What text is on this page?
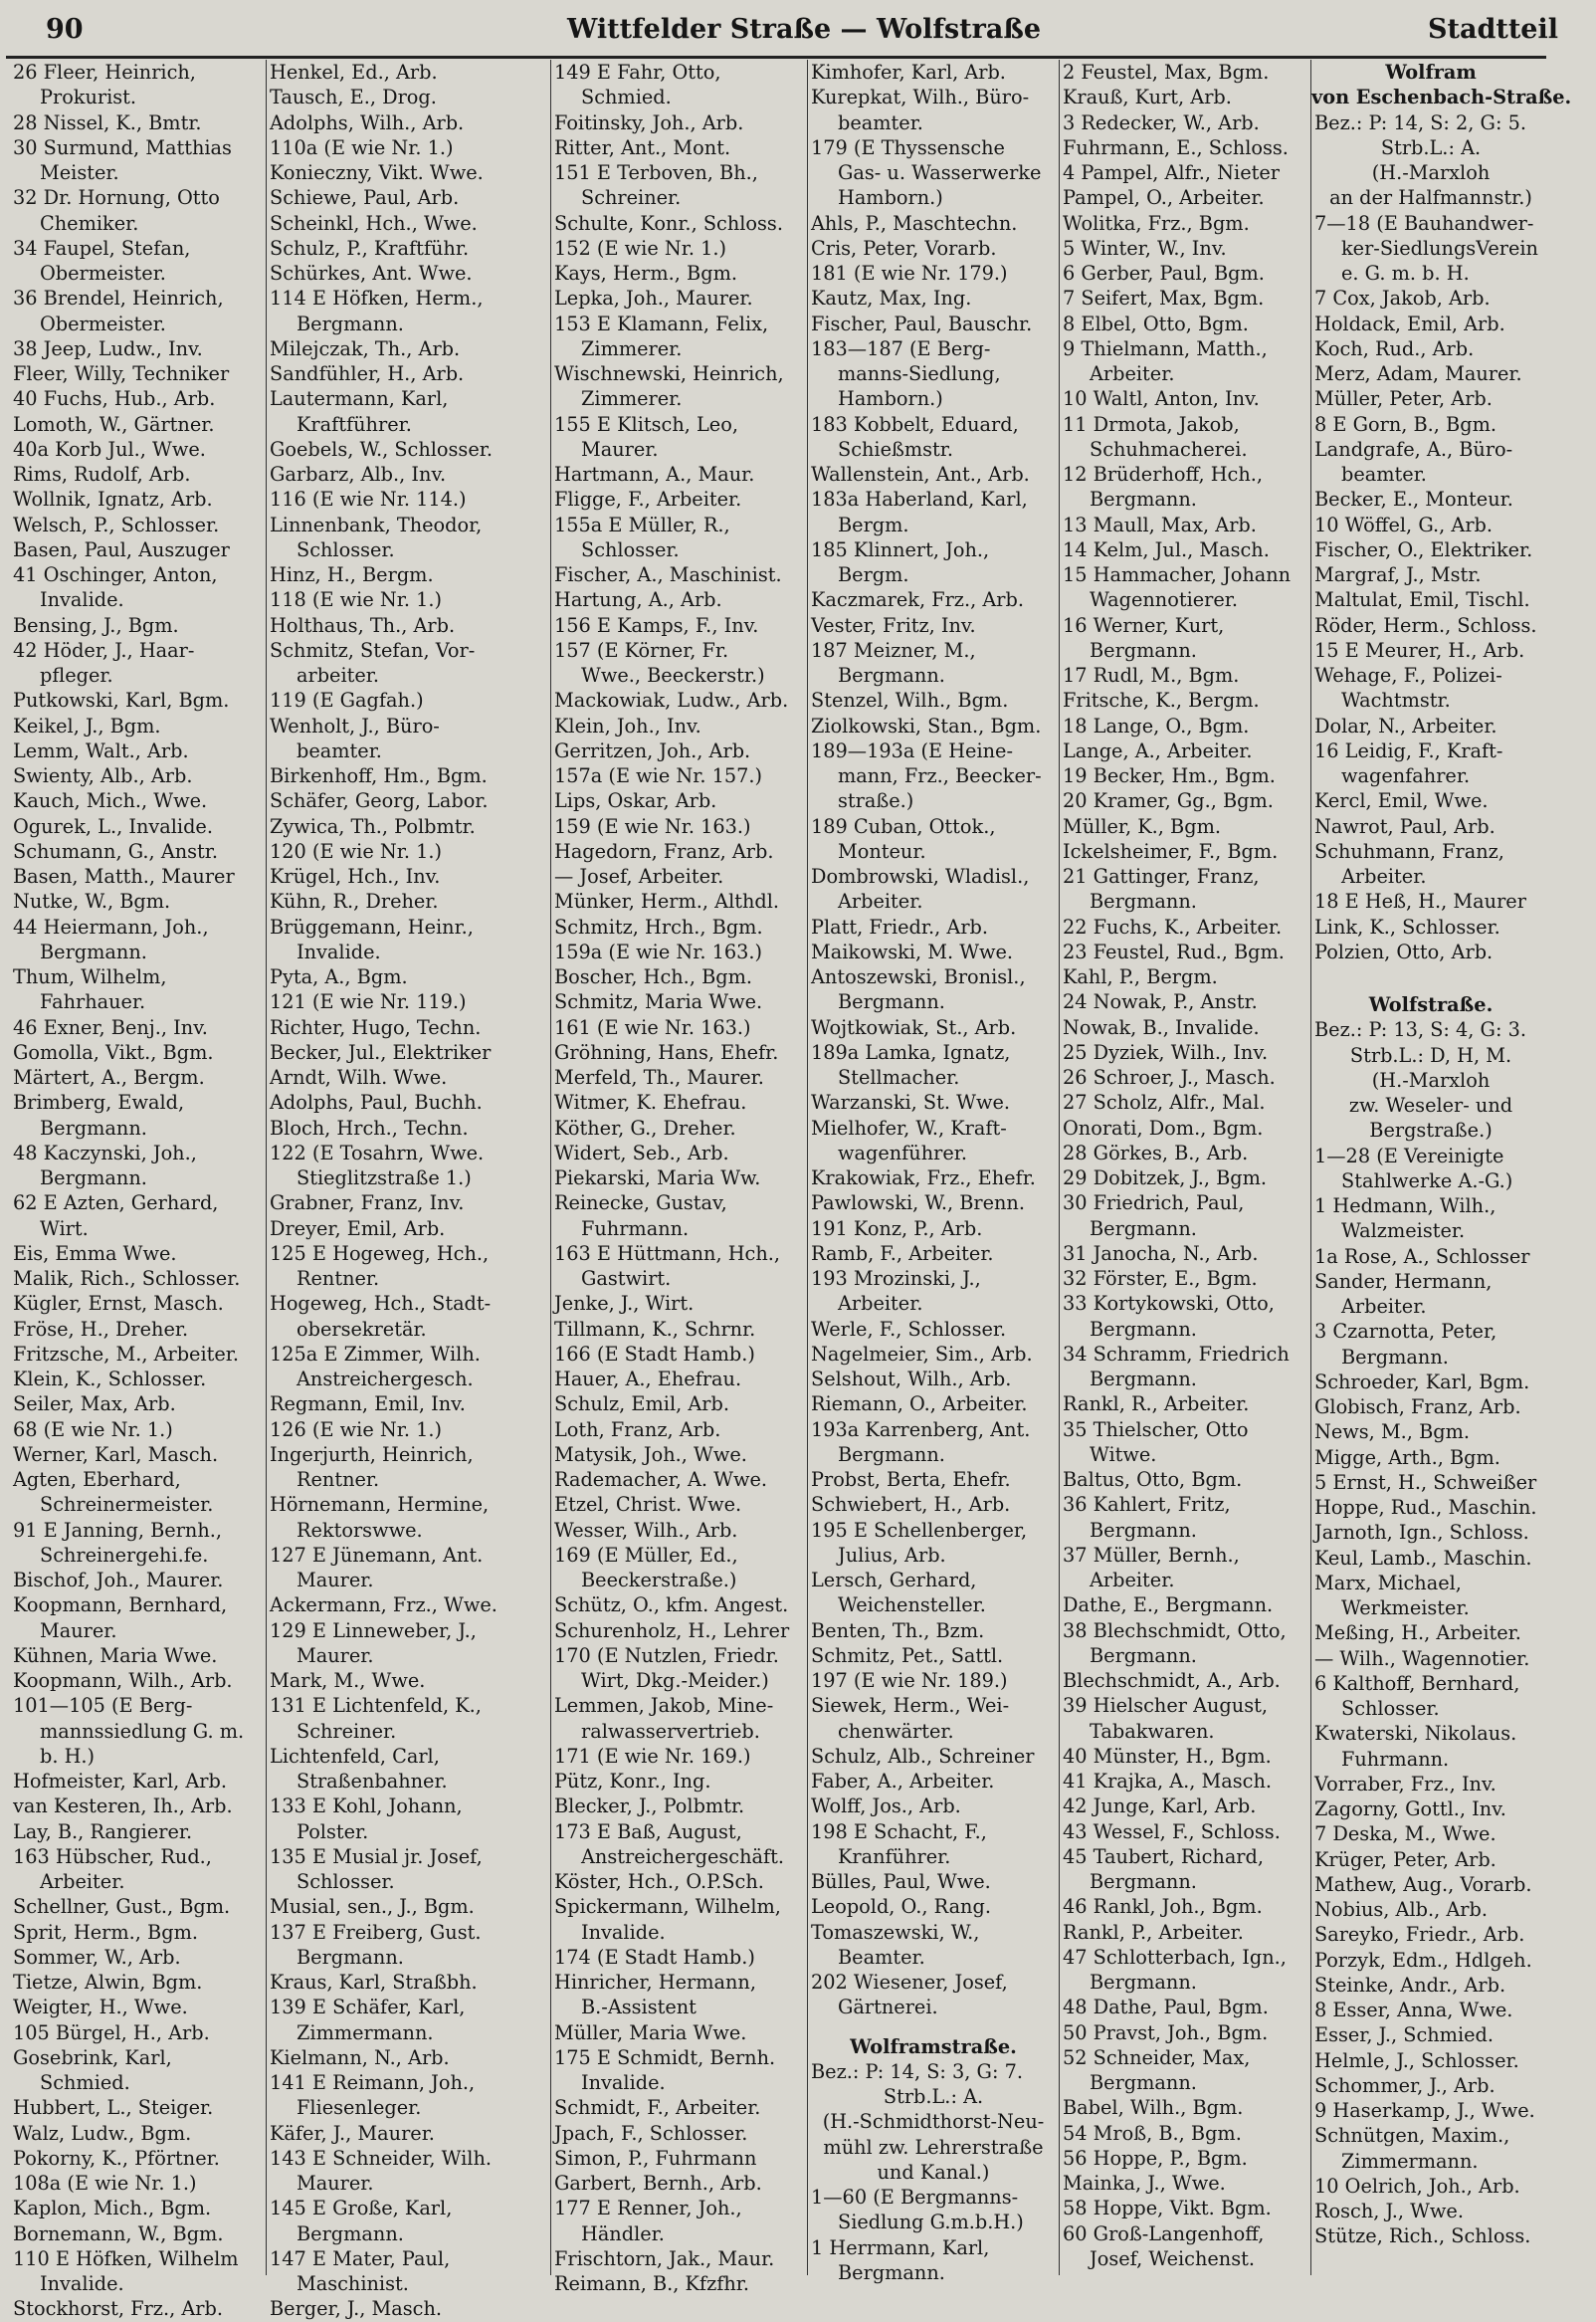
90	Wittfelder Straße — Wolfstraße	Stadtteil
26 Fleer, Heinrich,
Prokurist.
28 Nissel, K., Bmtr.
30 Surmund, Matthias
Meister.
32 Dr. Hornung, Otto
Chemiker.
34 Faupel, Stefan,
Obermeister.
36 Brendel, Heinrich,
Obermeister.
38 Jeep, Ludw., Inv.
Fleer, Willy, Techniker
40 Fuchs, Hub., Arb.
Lomoth, W., Gärtner.
40a Korb Jul., Wwe.
Rims, Rudolf, Arb.
Wollnik, Ignatz, Arb.
Welsch, P., Schlosser.
Basen, Paul, Auszuger
41 Oschinger, Anton,
Invalide.
Bensing, J., Bgm.
42 Höder, J., Haar-
pfleger.
Putkowski, Karl, Bgm.
Keikel, J., Bgm.
Lemm, Walt., Arb.
Swienty, Alb., Arb.
Kauch, Mich., Wwe.
Ogurek, L., Invalide.
Schumann, G., Anstr.
Basen, Matth., Maurer
Nutke, W., Bgm.
44 Heiermann, Joh.,
Bergmann.
Thum, Wilhelm,
Fahrhauer.
46 Exner, Benj., Inv.
Gomolla, Vikt., Bgm.
Märtert, A., Bergm.
Brimberg, Ewald,
Bergmann.
48 Kaczynski, Joh.,
Bergmann.
62 E Azten, Gerhard,
Wirt.
Eis, Emma Wwe.
Malik, Rich., Schlosser.
Kügler, Ernst, Masch.
Fröse, H., Dreher.
Fritzsche, M., Arbeiter.
Klein, K., Schlosser.
Seiler, Max, Arb.
68 (E wie Nr. 1.)
Werner, Karl, Masch.
Agten, Eberhard,
Schreinermeister.
91 E Janning, Bernh.,
Schreinergehi.fe.
Bischof, Joh., Maurer.
Koopmann, Bernhard,
Maurer.
Kühnen, Maria Wwe.
Koopmann, Wilh., Arb.
101—105 (E Berg-
mannssiedlung G. m.
b. H.)
Hofmeister, Karl, Arb.
van Kesteren, Ih., Arb.
Lay, B., Rangierer.
163 Hübscher, Rud.,
Arbeiter.
Schellner, Gust., Bgm.
Sprit, Herm., Bgm.
Sommer, W., Arb.
Tietze, Alwin, Bgm.
Weigter, H., Wwe.
105 Bürgel, H., Arb.
Gosebrink, Karl,
Schmied.
Hubbert, L., Steiger.
Walz, Ludw., Bgm.
Pokorny, K., Pförtner.
108a (E wie Nr. 1.)
Kaplon, Mich., Bgm.
Bornemann, W., Bgm.
110 E Höfken, Wilhelm
Invalide.
Stockhorst, Frz., Arb.
Henkel, Ed., Arb.
Tausch, E., Drog.
Adolphs, Wilh., Arb.
110a (E wie Nr. 1.)
Konieczny, Vikt. Wwe.
Schiewe, Paul, Arb.
Scheinkl, Hch., Wwe.
Schulz, P., Kraftführ.
Schürkes, Ant. Wwe.
114 E Höfken, Herm.,
Bergmann.
Milejczak, Th., Arb.
Sandfühler, H., Arb.
Lautermann, Karl,
Kraftführer.
Goebels, W., Schlosser.
Garbarz, Alb., Inv.
116 (E wie Nr. 114.)
Linnenbank, Theodor,
Schlosser.
Hinz, H., Bergm.
118 (E wie Nr. 1.)
Holthaus, Th., Arb.
Schmitz, Stefan, Vor-
arbeiter.
119 (E Gagfah.)
Wenholt, J., Büro-
beamter.
Birkenhoff, Hm., Bgm.
Schäfer, Georg, Labor.
Zywica, Th., Polbmtr.
120 (E wie Nr. 1.)
Krügel, Hch., Inv.
Kühn, R., Dreher.
Brüggemann, Heinr.,
Invalide.
Pyta, A., Bgm.
121 (E wie Nr. 119.)
Richter, Hugo, Techn.
Becker, Jul., Elektriker
Arndt, Wilh. Wwe.
Adolphs, Paul, Buchh.
Bloch, Hrch., Techn.
122 (E Tosahrn, Wwe.
Stieglitzstraße 1.)
Grabner, Franz, Inv.
Dreyer, Emil, Arb.
125 E Hogeweg, Hch.,
Rentner.
Hogeweg, Hch., Stadt-
obersekretär.
125a E Zimmer, Wilh.
Anstreichergesch.
Regmann, Emil, Inv.
126 (E wie Nr. 1.)
Ingerjurth, Heinrich,
Rentner.
Hörnemann, Hermine,
Rektorswwe.
127 E Jünemann, Ant.
Maurer.
Ackermann, Frz., Wwe.
129 E Linneweber, J.,
Maurer.
Mark, M., Wwe.
131 E Lichtenfeld, K.,
Schreiner.
Lichtenfeld, Carl,
Straßenbahner.
133 E Kohl, Johann,
Polster.
135 E Musial jr. Josef,
Schlosser.
Musial, sen., J., Bgm.
137 E Freiberg, Gust.
Bergmann.
Kraus, Karl, Straßbh.
139 E Schäfer, Karl,
Zimmermann.
Kielmann, N., Arb.
141 E Reimann, Joh.,
Fliesenleger.
Käfer, J., Maurer.
143 E Schneider, Wilh.
Maurer.
145 E Große, Karl,
Bergmann.
147 E Mater, Paul,
Maschinist.
Berger, J., Masch.
149 E Fahr, Otto,
Schmied.
Foitinsky, Joh., Arb.
Ritter, Ant., Mont.
151 E Terboven, Bh.,
Schreiner.
Schulte, Konr., Schloss.
152 (E wie Nr. 1.)
Kays, Herm., Bgm.
Lepka, Joh., Maurer.
153 E Klamann, Felix,
Zimmerer.
Wischnewski, Heinrich,
Zimmerer.
155 E Klitsch, Leo,
Maurer.
Hartmann, A., Maur.
Fligge, F., Arbeiter.
155a E Müller, R.,
Schlosser.
Fischer, A., Maschinist.
Hartung, A., Arb.
156 E Kamps, F., Inv.
157 (E Körner, Fr.
Wwe., Beeckerstr.)
Mackowiak, Ludw., Arb.
Klein, Joh., Inv.
Gerritzen, Joh., Arb.
157a (E wie Nr. 157.)
Lips, Oskar, Arb.
159 (E wie Nr. 163.)
Hagedorn, Franz, Arb.
— Josef, Arbeiter.
Münker, Herm., Althdl.
Schmitz, Hrch., Bgm.
159a (E wie Nr. 163.)
Boscher, Hch., Bgm.
Schmitz, Maria Wwe.
161 (E wie Nr. 163.)
Gröhning, Hans, Ehefr.
Merfeld, Th., Maurer.
Witmer, K. Ehefrau.
Köther, G., Dreher.
Widert, Seb., Arb.
Piekarski, Maria Ww.
Reinecke, Gustav,
Fuhrmann.
163 E Hüttmann, Hch.,
Gastwirt.
Jenke, J., Wirt.
Tillmann, K., Schrnr.
166 (E Stadt Hamb.)
Hauer, A., Ehefrau.
Schulz, Emil, Arb.
Loth, Franz, Arb.
Matysik, Joh., Wwe.
Rademacher, A. Wwe.
Etzel, Christ. Wwe.
Wesser, Wilh., Arb.
169 (E Müller, Ed.,
Beeckerstraße.)
Schütz, O., kfm. Angest.
Schurenholz, H., Lehrer
170 (E Nutzlen, Friedr.
Wirt, Dkg.-Meider.)
Lemmen, Jakob, Mine-
ralwasservertrieb.
171 (E wie Nr. 169.)
Pütz, Konr., Ing.
Blecker, J., Polbmtr.
173 E Baß, August,
Anstreichergeschäft.
Köster, Hch., O.P.Sch.
Spickermann, Wilhelm,
Invalide.
174 (E Stadt Hamb.)
Hinricher, Hermann,
B.-Assistent
Müller, Maria Wwe.
175 E Schmidt, Bernh.
Invalide.
Schmidt, F., Arbeiter.
Jpach, F., Schlosser.
Simon, P., Fuhrmann
Garbert, Bernh., Arb.
177 E Renner, Joh.,
Händler.
Frischtorn, Jak., Maur.
Reimann, B., Kfzfhr.
Kimhofer, Karl, Arb.
Kurepkat, Wilh., Büro-
beamter.
179 (E Thyssensche
Gas- u. Wasserwerke
Hamborn.)
Ahls, P., Maschtechn.
Cris, Peter, Vorarb.
181 (E wie Nr. 179.)
Kautz, Max, Ing.
Fischer, Paul, Bauschr.
183—187 (E Berg-
manns-Siedlung,
Hamborn.)
183 Kobbelt, Eduard,
Schießmstr.
Wallenstein, Ant., Arb.
183a Haberland, Karl,
Bergm.
185 Klinnert, Joh.,
Bergm.
Kaczmarek, Frz., Arb.
Vester, Fritz, Inv.
187 Meizner, M.,
Bergmann.
Stenzel, Wilh., Bgm.
Ziolkowski, Stan., Bgm.
189—193a (E Heine-
mann, Frz., Beecker-
straße.)
189 Cuban, Ottok.,
Monteur.
Dombrowski, Wladisl.,
Arbeiter.
Platt, Friedr., Arb.
Maikowski, M. Wwe.
Antoszewski, Bronisl.,
Bergmann.
Wojtkowiak, St., Arb.
189a Lamka, Ignatz,
Stellmacher.
Warzanski, St. Wwe.
Mielhofer, W., Kraft-
wagenführer.
Krakowiak, Frz., Ehefr.
Pawlowski, W., Brenn.
191 Konz, P., Arb.
Ramb, F., Arbeiter.
193 Mrozinski, J.,
Arbeiter.
Werle, F., Schlosser.
Nagelmeier, Sim., Arb.
Selshout, Wilh., Arb.
Riemann, O., Arbeiter.
193a Karrenberg, Ant.
Bergmann.
Probst, Berta, Ehefr.
Schwiebert, H., Arb.
195 E Schellenberger,
Julius, Arb.
Lersch, Gerhard,
Weichensteller.
Benten, Th., Bzm.
Schmitz, Pet., Sattl.
197 (E wie Nr. 189.)
Siewek, Herm., Wei-
chenwärter.
Schulz, Alb., Schreiner
Faber, A., Arbeiter.
Wolff, Jos., Arb.
198 E Schacht, F.,
Kranführer.
Bülles, Paul, Wwe.
Leopold, O., Rang.
Tomaszewski, W.,
Beamter.
202 Wiesener, Josef,
Gärtnerei.
Wolframstraße.
Bez.: P: 14, S: 3, G: 7.
Strb.L.: A.
(H.-Schmidthorst-Neu-
mühl zw. Lehrerstraße
und Kanal.)
1—60 (E Bergmanns-
Siedlung G.m.b.H.)
1 Herrmann, Karl,
Bergmann.
2 Feustel, Max, Bgm.
Krauß, Kurt, Arb.
3 Redecker, W., Arb.
Fuhrmann, E., Schloss.
4 Pampel, Alfr., Nieter
Pampel, O., Arbeiter.
Wolitka, Frz., Bgm.
5 Winter, W., Inv.
6 Gerber, Paul, Bgm.
7 Seifert, Max, Bgm.
8 Elbel, Otto, Bgm.
9 Thielmann, Matth.,
Arbeiter.
10 Waltl, Anton, Inv.
11 Drmota, Jakob,
Schuhmacherei.
12 Brüderhoff, Hch.,
Bergmann.
13 Maull, Max, Arb.
14 Kelm, Jul., Masch.
15 Hammacher, Johann
Wagennotierer.
16 Werner, Kurt,
Bergmann.
17 Rudl, M., Bgm.
Fritsche, K., Bergm.
18 Lange, O., Bgm.
Lange, A., Arbeiter.
19 Becker, Hm., Bgm.
20 Kramer, Gg., Bgm.
Müller, K., Bgm.
Ickelsheimer, F., Bgm.
21 Gattinger, Franz,
Bergmann.
22 Fuchs, K., Arbeiter.
23 Feustel, Rud., Bgm.
Kahl, P., Bergm.
24 Nowak, P., Anstr.
Nowak, B., Invalide.
25 Dyziek, Wilh., Inv.
26 Schroer, J., Masch.
27 Scholz, Alfr., Mal.
Onorati, Dom., Bgm.
28 Görkes, B., Arb.
29 Dobitzek, J., Bgm.
30 Friedrich, Paul,
Bergmann.
31 Janocha, N., Arb.
32 Förster, E., Bgm.
33 Kortykowski, Otto,
Bergmann.
34 Schramm, Friedrich
Bergmann.
Rankl, R., Arbeiter.
35 Thielscher, Otto
Witwe.
Baltus, Otto, Bgm.
36 Kahlert, Fritz,
Bergmann.
37 Müller, Bernh.,
Arbeiter.
Dathe, E., Bergmann.
38 Blechschmidt, Otto,
Bergmann.
Blechschmidt, A., Arb.
39 Hielscher August,
Tabakwaren.
40 Münster, H., Bgm.
41 Krajka, A., Masch.
42 Junge, Karl, Arb.
43 Wessel, F., Schloss.
45 Taubert, Richard,
Bergmann.
46 Rankl, Joh., Bgm.
Rankl, P., Arbeiter.
47 Schlotterbach, Ign.,
Bergmann.
48 Dathe, Paul, Bgm.
50 Pravst, Joh., Bgm.
52 Schneider, Max,
Bergmann.
Babel, Wilh., Bgm.
54 Mroß, B., Bgm.
56 Hoppe, P., Bgm.
Mainka, J., Wwe.
58 Hoppe, Vikt. Bgm.
60 Groß-Langenhoff,
Josef, Weichenst.
Wolfram
von Eschenbach-Straße.
Bez.: P: 14, S: 2, G: 5.
Strb.L.: A.
(H.-Marxloh
an der Halfmannstr.)
7—18 (E Bauhandwer-
ker-SiedlungsVerein
e. G. m. b. H.
7 Cox, Jakob, Arb.
Holdack, Emil, Arb.
Koch, Rud., Arb.
Merz, Adam, Maurer.
Müller, Peter, Arb.
8 E Gorn, B., Bgm.
Landgrafe, A., Büro-
beamter.
Becker, E., Monteur.
10 Wöffel, G., Arb.
Fischer, O., Elektriker.
Margraf, J., Mstr.
Maltulat, Emil, Tischl.
Röder, Herm., Schloss.
15 E Meurer, H., Arb.
Wehage, F., Polizei-
Wachtmstr.
Dolar, N., Arbeiter.
16 Leidig, F., Kraft-
wagenfahrer.
Kercl, Emil, Wwe.
Nawrot, Paul, Arb.
Schuhmann, Franz,
Arbeiter.
18 E Heß, H., Maurer
Link, K., Schlosser.
Polzien, Otto, Arb.
Wolfstraße.
Bez.: P: 13, S: 4, G: 3.
Strb.L.: D, H, M.
(H.-Marxloh
zw. Weseler- und
Bergstraße.)
1—28 (E Vereinigte
Stahlwerke A.-G.)
1 Hedmann, Wilh.,
Walzmeister.
1a Rose, A., Schlosser
Sander, Hermann,
Arbeiter.
3 Czarnotta, Peter,
Bergmann.
Schroeder, Karl, Bgm.
Globisch, Franz, Arb.
News, M., Bgm.
Migge, Arth., Bgm.
5 Ernst, H., Schweißer
Hoppe, Rud., Maschin.
Jarnoth, Ign., Schloss.
Keul, Lamb., Maschin.
Marx, Michael,
Werkmeister.
Meßing, H., Arbeiter.
— Wilh., Wagennotier.
6 Kalthoff, Bernhard,
Schlosser.
Kwaterski, Nikolaus.
Fuhrmann.
Vorraber, Frz., Inv.
Zagorny, Gottl., Inv.
7 Deska, M., Wwe.
Krüger, Peter, Arb.
Mathew, Aug., Vorarb.
Nobius, Alb., Arb.
Sareyko, Friedr., Arb.
Porzyk, Edm., Hdlgeh.
Steinke, Andr., Arb.
8 Esser, Anna, Wwe.
Esser, J., Schmied.
Helmle, J., Schlosser.
Schommer, J., Arb.
9 Haserkamp, J., Wwe.
Schnütgen, Maxim.,
Zimmermann.
10 Oelrich, Joh., Arb.
Rosch, J., Wwe.
Stütze, Rich., Schloss.
